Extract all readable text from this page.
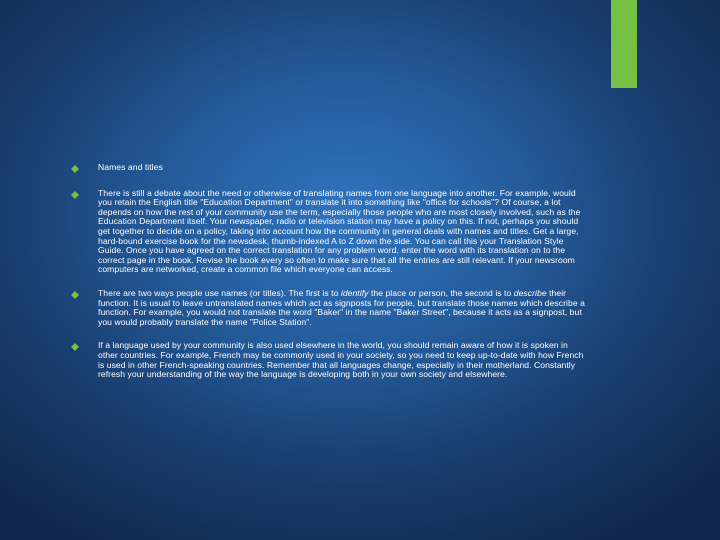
Names and titles

There is still a debate about the need or otherwise of translating names from one language into another. For example, would you retain the English title "Education Department" or translate it into something like "office for schools"? Of course, a lot depends on how the rest of your community use the term, especially those people who are most closely involved, such as the Education Department itself. Your newspaper, radio or television station may have a policy on this. If not, perhaps you should get together to decide on a policy, taking into account how the community in general deals with names and titles. Get a large, hard-bound exercise book for the newsdesk, thumb-indexed A to Z down the side. You can call this your Translation Style Guide. Once you have agreed on the correct translation for any problem word, enter the word with its translation on to the correct page in the book. Revise the book every so often to make sure that all the entries are still relevant. If your newsroom computers are networked, create a common file which everyone can access.

There are two ways people use names (or titles). The first is to identify the place or person, the second is to describe their function. It is usual to leave untranslated names which act as signposts for people, but translate those names which describe a function. For example, you would not translate the word "Baker" in the name "Baker Street", because it acts as a signpost, but you would probably translate the name "Police Station".

If a language used by your community is also used elsewhere in the world, you should remain aware of how it is spoken in other countries. For example, French may be commonly used in your society, so you need to keep up-to-date with how French is used in other French-speaking countries. Remember that all languages change, especially in their motherland. Constantly refresh your understanding of the way the language is developing both in your own society and elsewhere.
